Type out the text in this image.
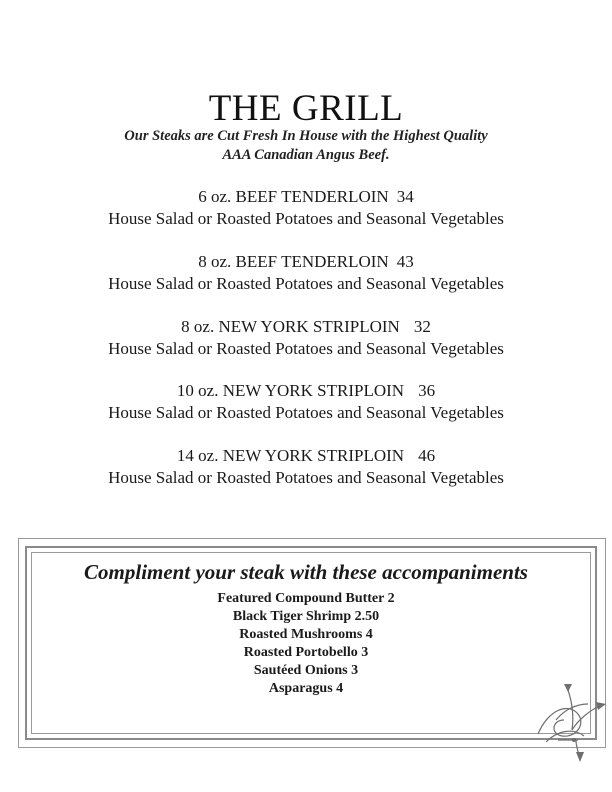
THE GRILL
Our Steaks are Cut Fresh In House with the Highest Quality
AAA Canadian Angus Beef.
6 oz. BEEF TENDERLOIN 34
House Salad or Roasted Potatoes and Seasonal Vegetables
8 oz. BEEF TENDERLOIN 43
House Salad or Roasted Potatoes and Seasonal Vegetables
8 oz. NEW YORK STRIPLOIN 32
House Salad or Roasted Potatoes and Seasonal Vegetables
10 oz. NEW YORK STRIPLOIN 36
House Salad or Roasted Potatoes and Seasonal Vegetables
14 oz. NEW YORK STRIPLOIN 46
House Salad or Roasted Potatoes and Seasonal Vegetables
Compliment your steak with these accompaniments
Featured Compound Butter 2
Black Tiger Shrimp 2.50
Roasted Mushrooms 4
Roasted Portobello 3
Sautéed Onions 3
Asparagus 4
